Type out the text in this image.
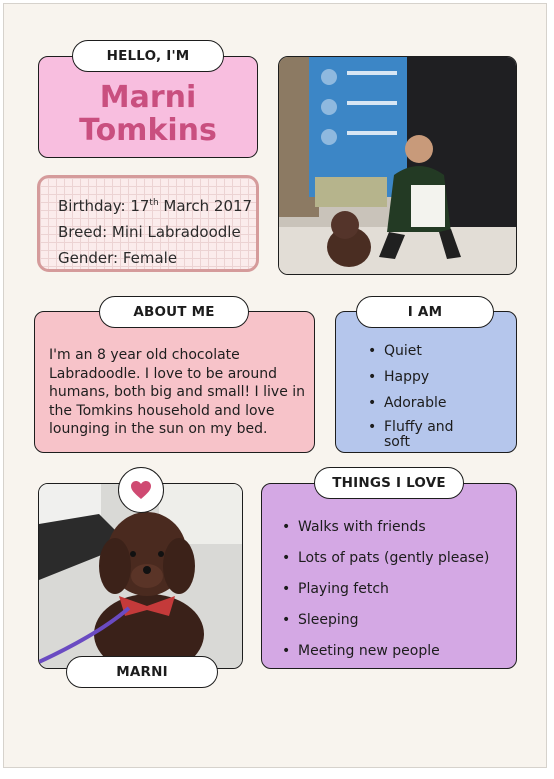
Marni
Tomkins
HELLO, I'M
Birthday: 17th March 2017
Breed: Mini Labradoodle
Gender: Female
I'm an 8 year old chocolate Labradoodle. I love to be around humans, both big and small! I live in the Tomkins household and love lounging in the sun on my bed.
ABOUT ME
• Quiet
• Happy
• Adorable
• Fluffy and soft
I AM
MARNI
• Walks with friends
• Lots of pats (gently please)
• Playing fetch
• Sleeping
• Meeting new people
THINGS I LOVE
